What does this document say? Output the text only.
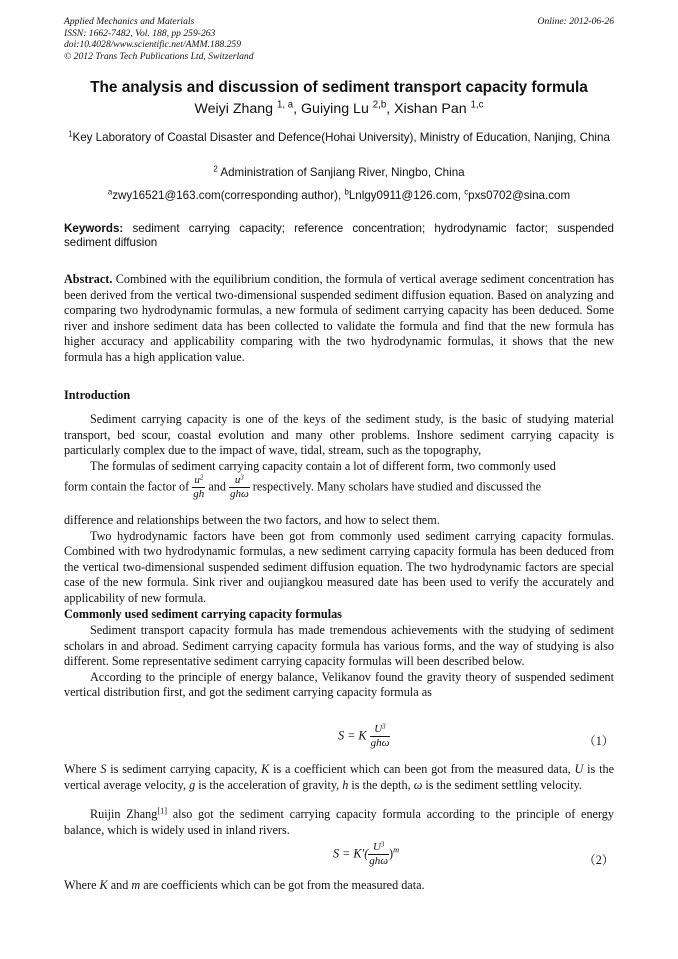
Applied Mechanics and Materials
ISSN: 1662-7482, Vol. 188, pp 259-263
doi:10.4028/www.scientific.net/AMM.188.259
© 2012 Trans Tech Publications Ltd, Switzerland
Online: 2012-06-26
The analysis and discussion of sediment transport capacity formula
Weiyi Zhang $^{1, a}$, Guiying Lu $^{2,b}$, Xishan Pan $^{1,c}$
$^1$Key Laboratory of Coastal Disaster and Defence(Hohai University), Ministry of Education, Nanjing, China
$^2$ Administration of Sanjiang River, Ningbo, China
$^a$zwy16521@163.com(corresponding author), $^b$Lnlgy0911@126.com, $^c$pxs0702@sina.com
Keywords: sediment carrying capacity; reference concentration; hydrodynamic factor; suspended sediment diffusion
Abstract. Combined with the equilibrium condition, the formula of vertical average sediment concentration has been derived from the vertical two-dimensional suspended sediment diffusion equation. Based on analyzing and comparing two hydrodynamic formulas, a new formula of sediment carrying capacity has been deduced. Some river and inshore sediment data has been collected to validate the formula and find that the new formula has higher accuracy and applicability comparing with the two hydrodynamic formulas, it shows that the new formula has a high application value.
Introduction

Sediment carrying capacity is one of the keys of the sediment study, is the basic of studying material transport, bed scour, coastal evolution and many other problems. Inshore sediment carrying capacity is particularly complex due to the impact of wave, tidal, stream, such as the topography,

The formulas of sediment carrying capacity contain a lot of different form, two commonly used

form contain the factor of $\frac{u^2}{gh}$ and $\frac{u^3}{\text{ghω}}$ respectively. Many scholars have studied and discussed the

difference and relationships between the two factors, and how to select them.

Two hydrodynamic factors have been got from commonly used sediment carrying capacity formulas. Combined with two hydrodynamic formulas, a new sediment carrying capacity formula has been deduced from the vertical two-dimensional suspended sediment diffusion equation. The two hydrodynamic factors are special case of the new formula. Sink river and oujiangkou measured date has been used to verify the accurately and applicability of new formula.

Commonly used sediment carrying capacity formulas

Sediment transport capacity formula has made tremendous achievements with the studying of sediment scholars in and abroad. Sediment carrying capacity formula has various forms, and the way of studying is also different. Some representative sediment carrying capacity formulas will been described below.

According to the principle of energy balance, Velikanov found the gravity theory of suspended sediment vertical distribution first, and got the sediment carrying capacity formula as

S = K $\frac{U^3}{\text{ghω}}$	（1）
Where S is sediment carrying capacity, K is a coefficient which can been got from the measured data, U is the vertical average velocity, g is the acceleration of gravity, h is the depth, ω is the sediment settling velocity.
Ruijin Zhang[1] also got the sediment carrying capacity formula according to the principle of energy balance, which is widely used in inland rivers.
$S = K'( \frac{U^3}{\text{ghω}} )^m$
（2）
Where K and m are coefficients which can be got from the measured data.
